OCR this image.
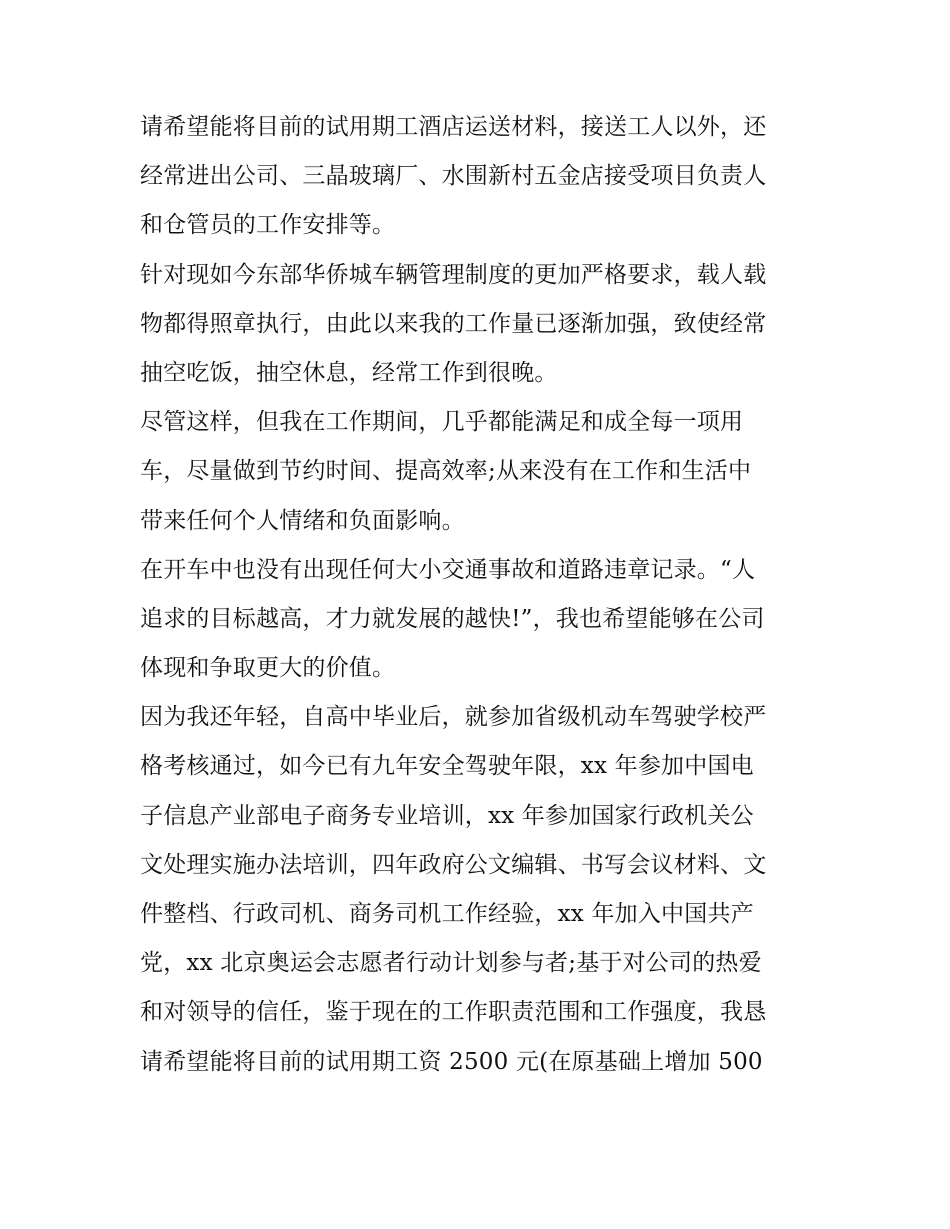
请希望能将目前的试用期工酒店运送材料，接送工人以外，还
经常进出公司、三晶玻璃厂、水围新村五金店接受项目负责人
和仓管员的工作安排等。
针对现如今东部华侨城车辆管理制度的更加严格要求，载人载
物都得照章执行，由此以来我的工作量已逐渐加强，致使经常
抽空吃饭，抽空休息，经常工作到很晚。
尽管这样，但我在工作期间，几乎都能满足和成全每一项用
车，尽量做到节约时间、提高效率;从来没有在工作和生活中
带来任何个人情绪和负面影响。
在开车中也没有出现任何大小交通事故和道路违章记录。“人
追求的目标越高，才力就发展的越快!”，我也希望能够在公司
体现和争取更大的价值。
因为我还年轻，自高中毕业后，就参加省级机动车驾驶学校严
格考核通过，如今已有九年安全驾驶年限，xx 年参加中国电
子信息产业部电子商务专业培训，xx 年参加国家行政机关公
文处理实施办法培训，四年政府公文编辑、书写会议材料、文
件整档、行政司机、商务司机工作经验，xx 年加入中国共产
党，xx 北京奥运会志愿者行动计划参与者;基于对公司的热爱
和对领导的信任，鉴于现在的工作职责范围和工作强度，我恳
请希望能将目前的试用期工资 2500 元(在原基础上增加 500
